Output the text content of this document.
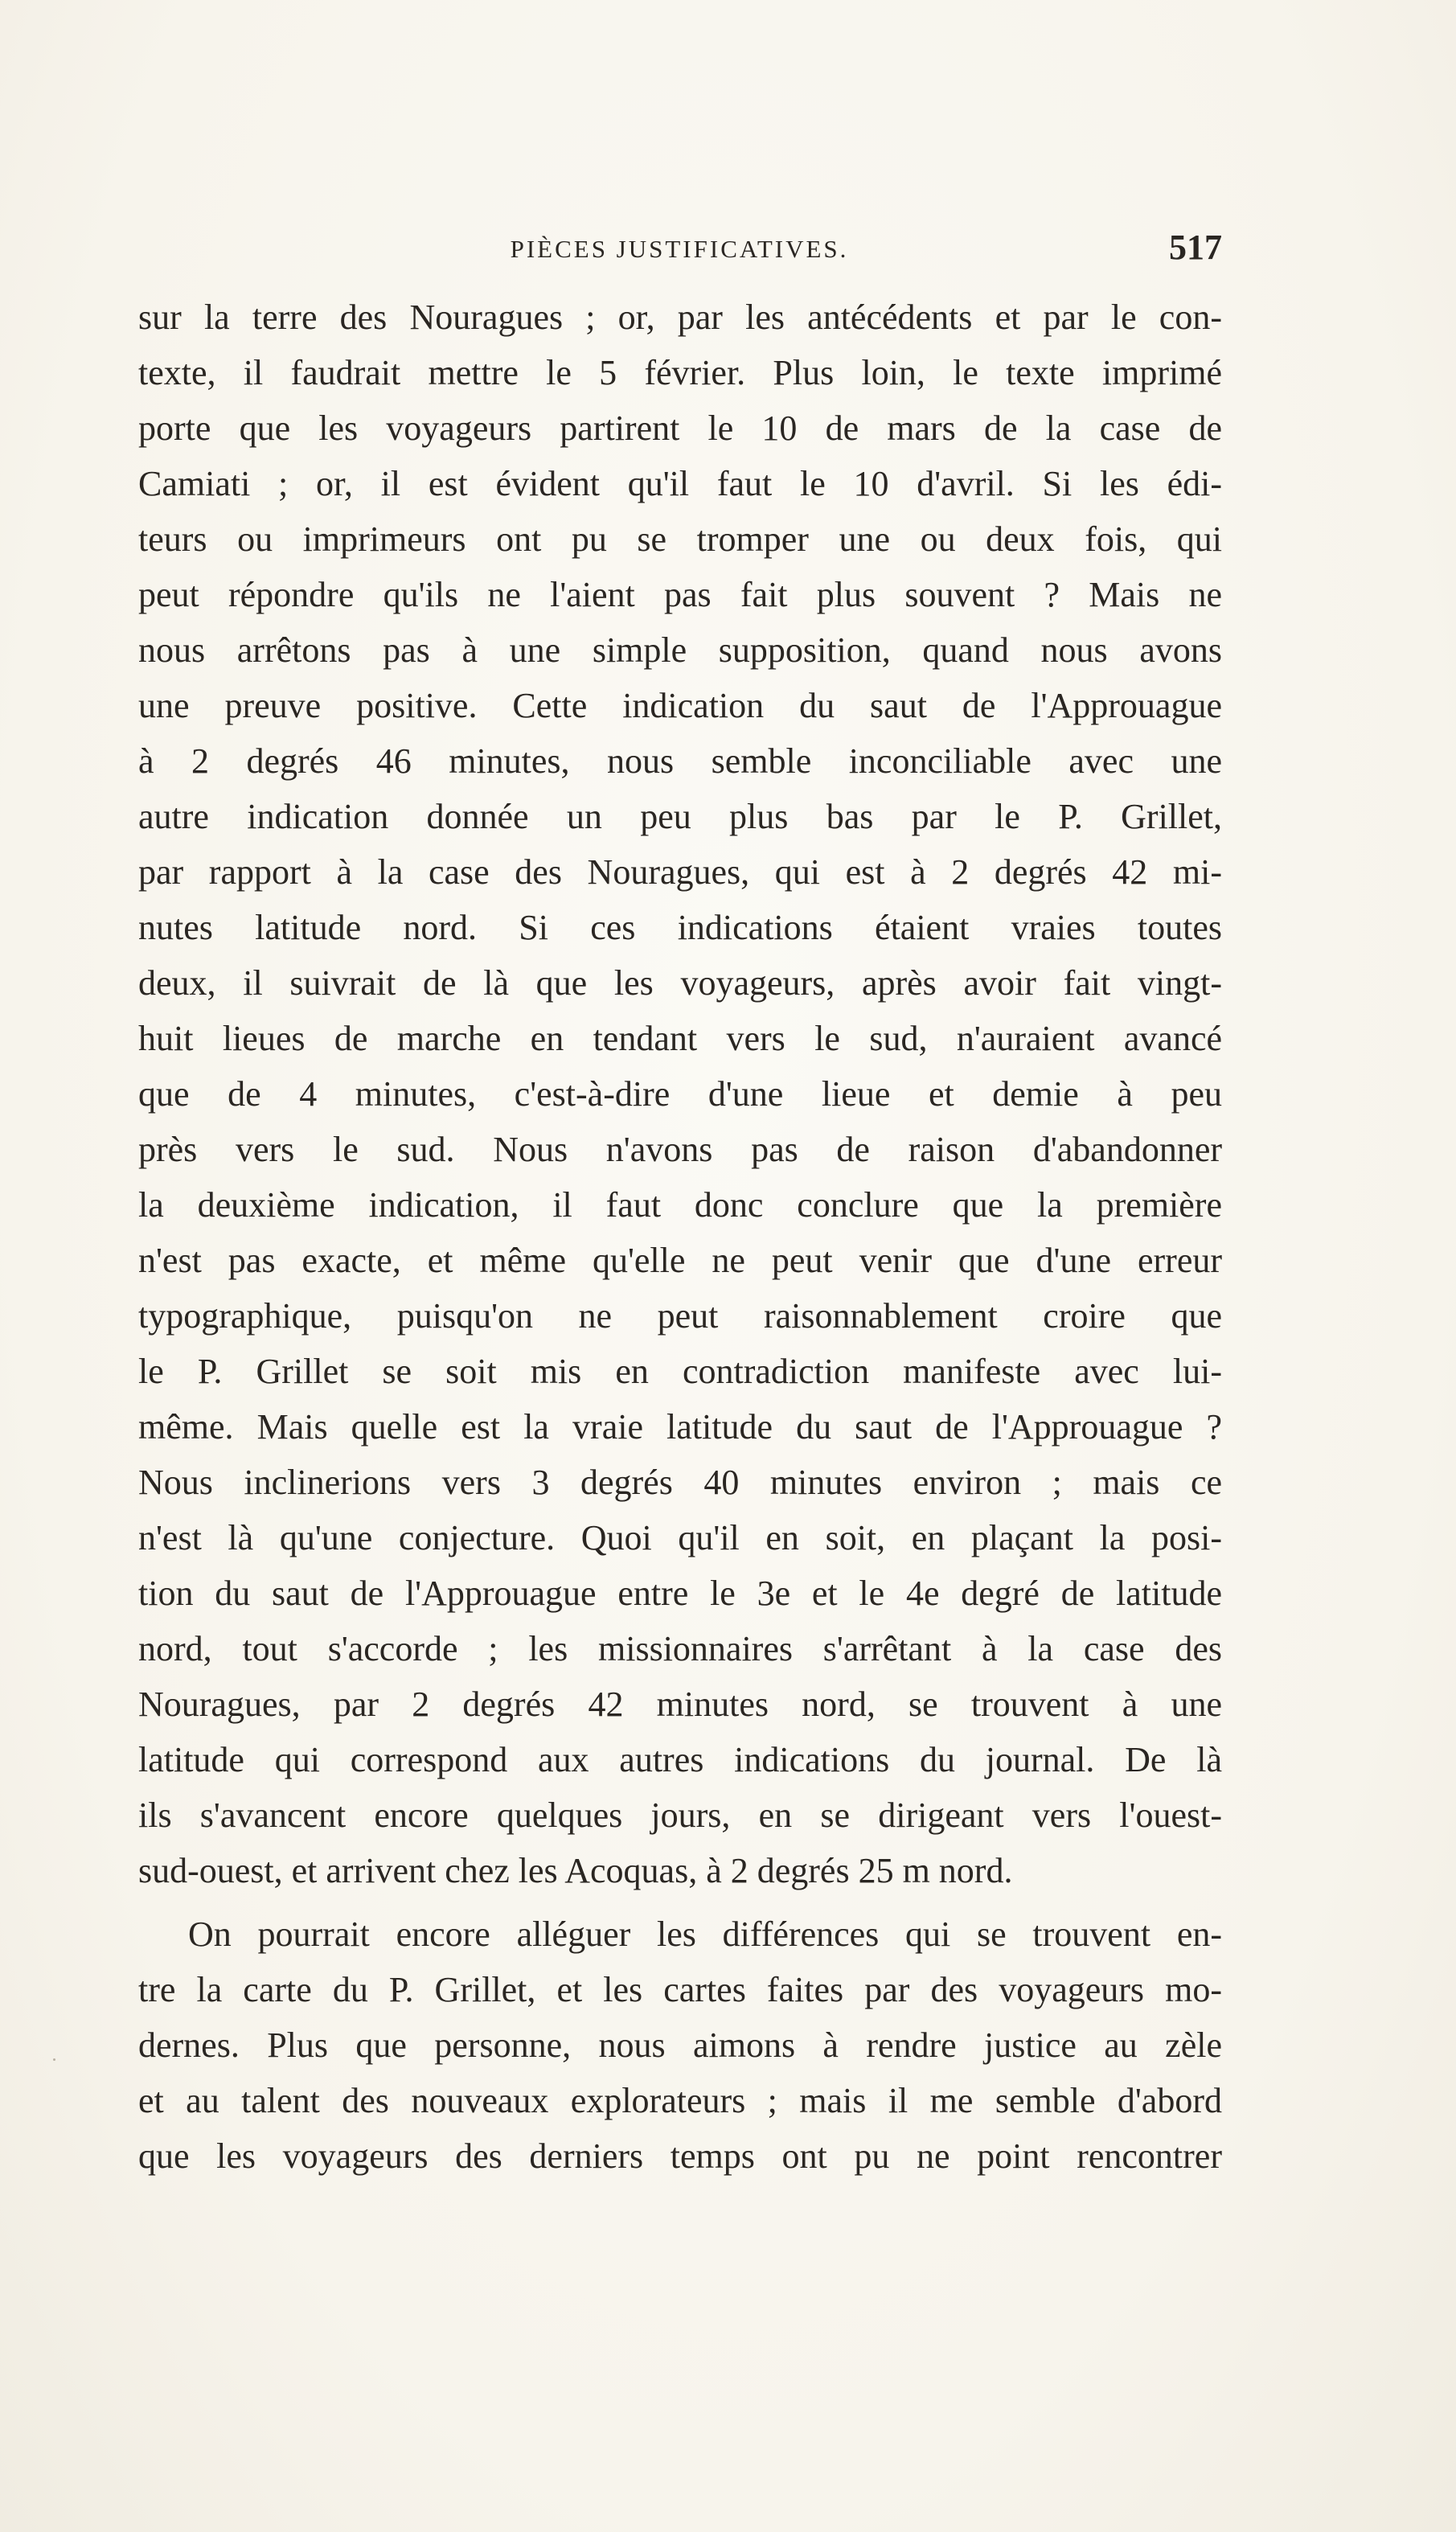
PIÈCES JUSTIFICATIVES.	517
sur la terre des Nouragues ; or, par les antécédents et par le con-
texte, il faudrait mettre le 5 février. Plus loin, le texte imprimé
porte que les voyageurs partirent le 10 de mars de la case de
Camiati ; or, il est évident qu'il faut le 10 d'avril. Si les édi-
teurs ou imprimeurs ont pu se tromper une ou deux fois, qui
peut répondre qu'ils ne l'aient pas fait plus souvent ? Mais ne
nous arrêtons pas à une simple supposition, quand nous avons
une preuve positive. Cette indication du saut de l'Approuague
à 2 degrés 46 minutes, nous semble inconciliable avec une
autre indication donnée un peu plus bas par le P. Grillet,
par rapport à la case des Nouragues, qui est à 2 degrés 42 mi-
nutes latitude nord. Si ces indications étaient vraies toutes
deux, il suivrait de là que les voyageurs, après avoir fait vingt-
huit lieues de marche en tendant vers le sud, n'auraient avancé
que de 4 minutes, c'est-à-dire d'une lieue et demie à peu
près vers le sud. Nous n'avons pas de raison d'abandonner
la deuxième indication, il faut donc conclure que la première
n'est pas exacte, et même qu'elle ne peut venir que d'une erreur
typographique, puisqu'on ne peut raisonnablement croire que
le P. Grillet se soit mis en contradiction manifeste avec lui-
même. Mais quelle est la vraie latitude du saut de l'Approuague ?
Nous inclinerions vers 3 degrés 40 minutes environ ; mais ce
n'est là qu'une conjecture. Quoi qu'il en soit, en plaçant la posi-
tion du saut de l'Approuague entre le 3e et le 4e degré de latitude
nord, tout s'accorde ; les missionnaires s'arrêtant à la case des
Nouragues, par 2 degrés 42 minutes nord, se trouvent à une
latitude qui correspond aux autres indications du journal. De là
ils s'avancent encore quelques jours, en se dirigeant vers l'ouest-
sud-ouest, et arrivent chez les Acoquas, à 2 degrés 25 m nord.
On pourrait encore alléguer les différences qui se trouvent en-
tre la carte du P. Grillet, et les cartes faites par des voyageurs mo-
dernes. Plus que personne, nous aimons à rendre justice au zèle
et au talent des nouveaux explorateurs ; mais il me semble d'abord
que les voyageurs des derniers temps ont pu ne point rencontrer
